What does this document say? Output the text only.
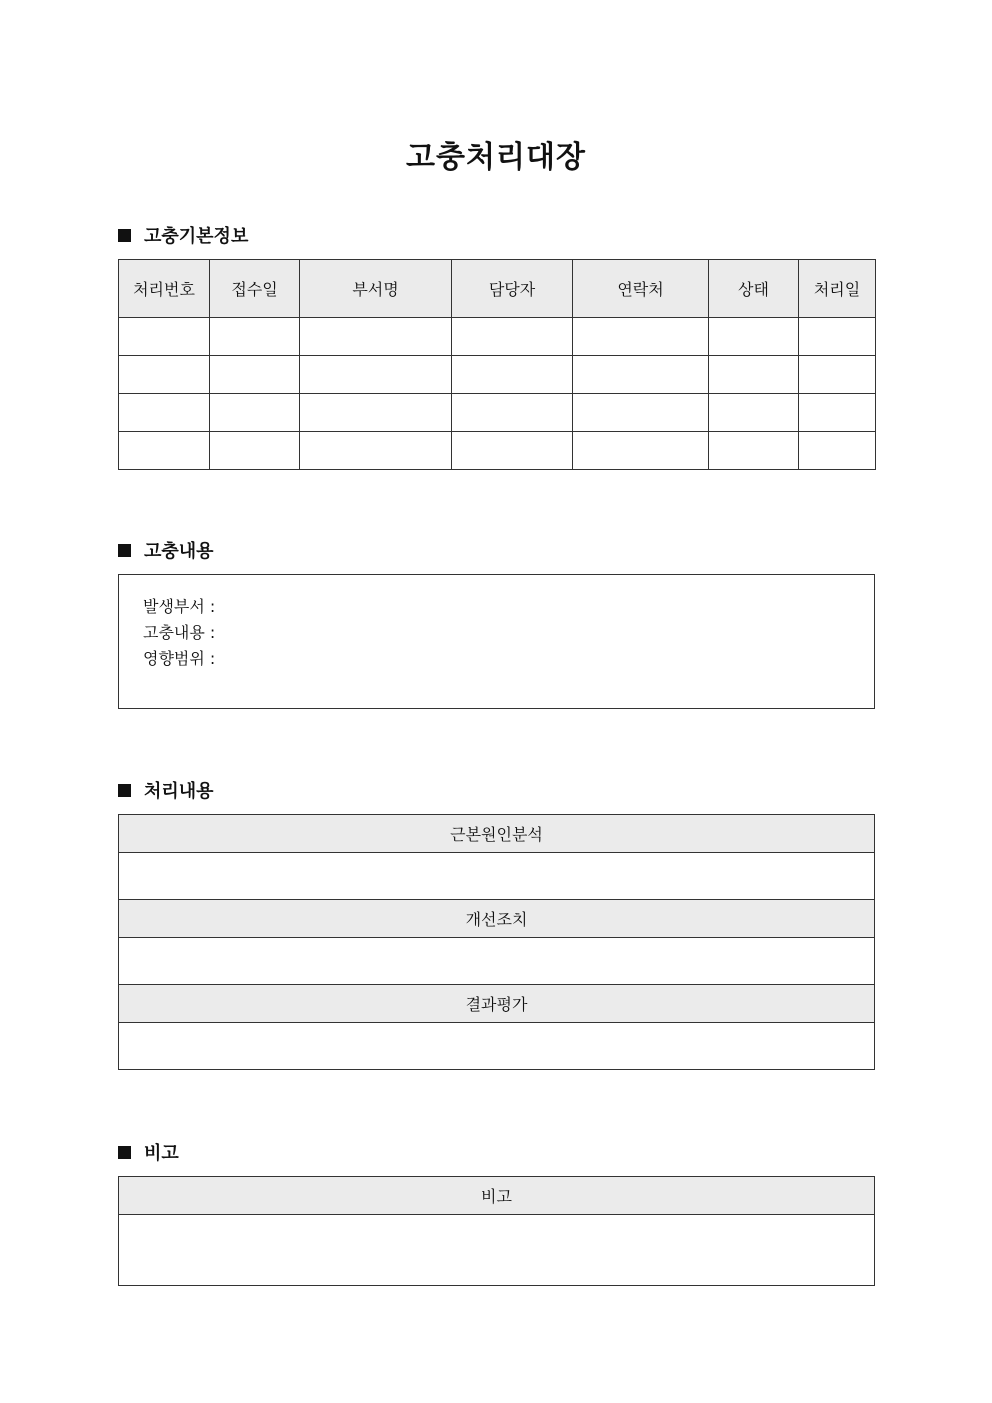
고충처리대장
고충기본정보
처리번호	접수일	부서명	담당자	연락처	상태	처리일

고충내용
발생부서 :
고충내용 :
영향범위 :
처리내용
근본원인분석

개선조치

결과평가

비고
비고
